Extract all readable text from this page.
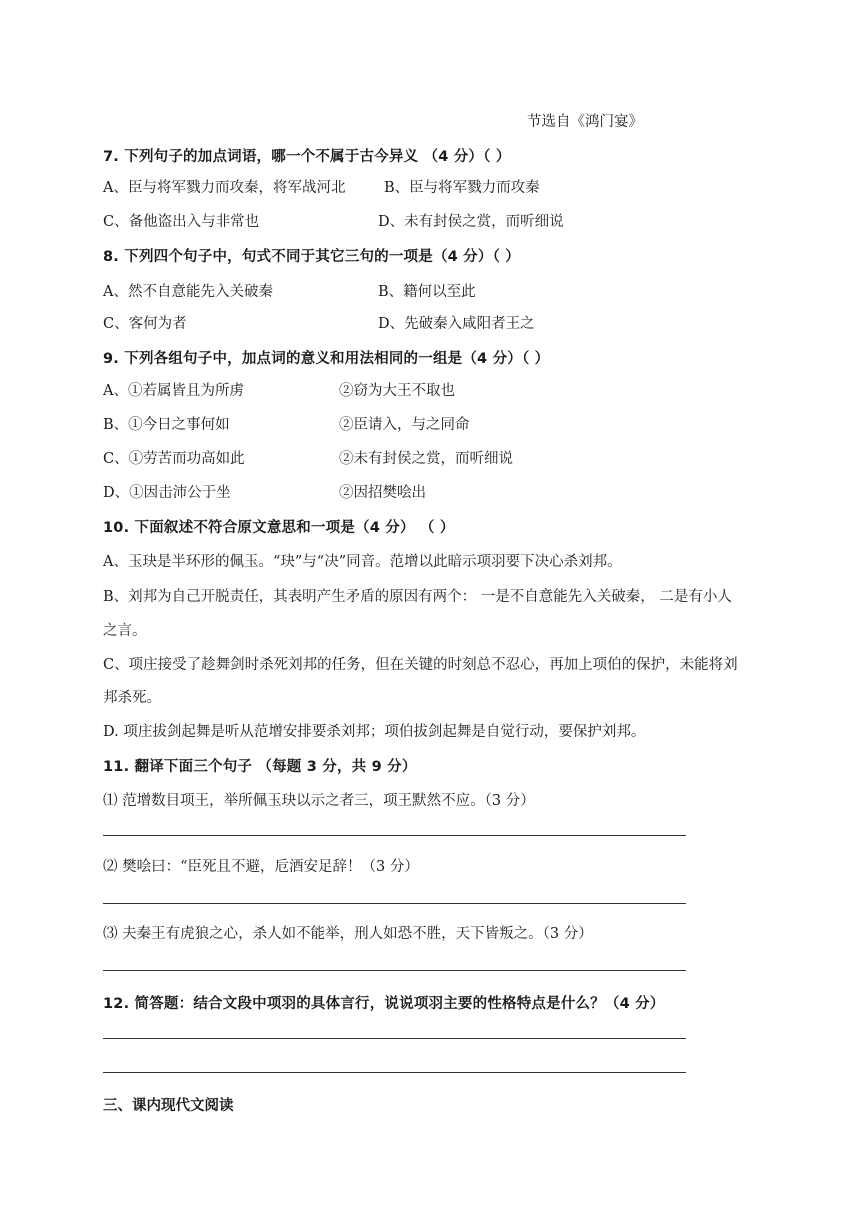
节选自《鸿门宴》
7. 下列句子的加点词语，哪一个不属于古今异义 （4 分）（ ）
A、臣与将军戮力而攻秦，将军战河北	B、臣与将军戮力而攻秦
C、备他盗出入与非常也	D、未有封侯之赏，而听细说
8. 下列四个句子中，句式不同于其它三句的一项是（4 分）（ ）
A、然不自意能先入关破秦	B、籍何以至此
C、客何为者	D、先破秦入咸阳者王之
9. 下列各组句子中，加点词的意义和用法相同的一组是（4 分）（ ）
A、①若属皆且为所虏	②窃为大王不取也
B、①今日之事何如	②臣请入，与之同命
C、①劳苦而功高如此	②未有封侯之赏，而听细说
D、①因击沛公于坐	②因招樊哙出
10. 下面叙述不符合原文意思和一项是（4 分） （ ）
A、玉玦是半环形的佩玉。“玦”与“决”同音。范增以此暗示项羽要下决心杀刘邦。
B、刘邦为自己开脱责任，其表明产生矛盾的原因有两个： 一是不自意能先入关破秦， 二是有小人
之言。
C、项庄接受了趁舞剑时杀死刘邦的任务，但在关键的时刻总不忍心，再加上项伯的保护，未能将刘
邦杀死。
D. 项庄拔剑起舞是听从范增安排要杀刘邦；项伯拔剑起舞是自觉行动，要保护刘邦。
11. 翻译下面三个句子 （每题 3 分，共 9 分）
⑴ 范增数目项王，举所佩玉玦以示之者三，项王默然不应。（3 分）
⑵ 樊哙曰：“臣死且不避，卮酒安足辞！（3 分）
⑶ 夫秦王有虎狼之心，杀人如不能举，刑人如恐不胜，天下皆叛之。（3 分）
12. 简答题：结合文段中项羽的具体言行，说说项羽主要的性格特点是什么？（4 分）
三、课内现代文阅读
